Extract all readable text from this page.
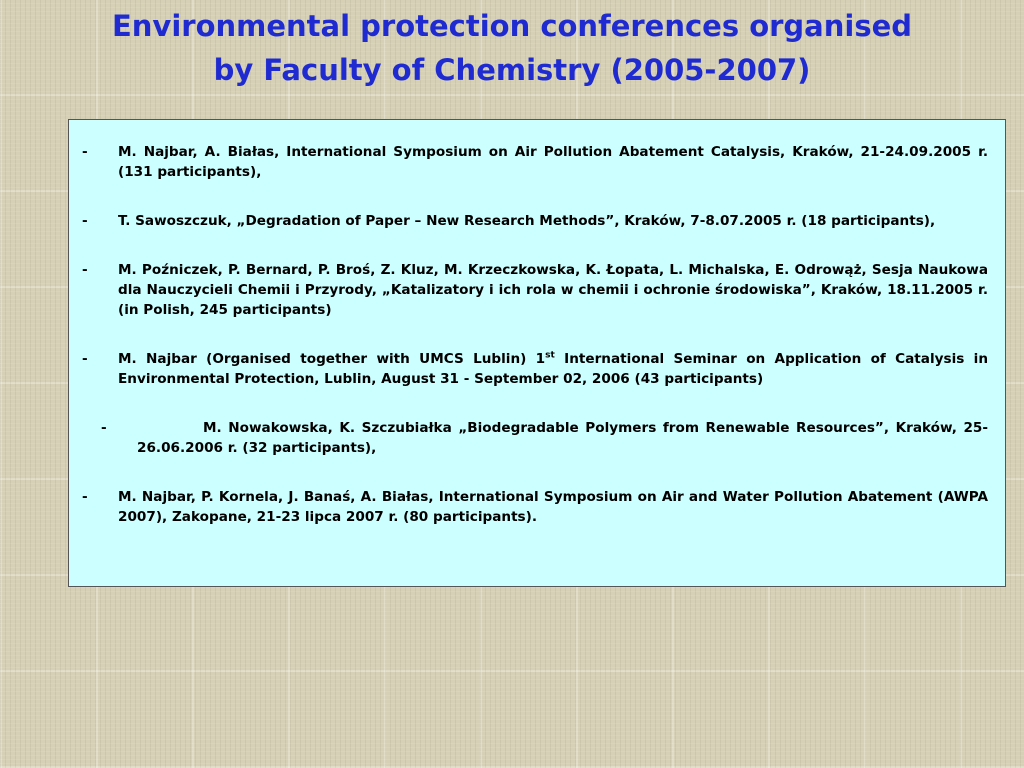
Environmental protection conferences organised
by Faculty of Chemistry (2005-2007)
-	M. Najbar, A. Białas, International Symposium on Air Pollution Abatement Catalysis, Kraków, 21-24.09.2005 r. (131 participants),
-	T. Sawoszczuk, „Degradation of Paper – New Research Methods”, Kraków, 7-8.07.2005 r. (18 participants),
-	M. Poźniczek, P. Bernard, P. Broś, Z. Kluz, M. Krzeczkowska, K. Łopata, L. Michalska, E. Odrowąż, Sesja Naukowa dla Nauczycieli Chemii i Przyrody, „Katalizatory i ich rola w chemii i ochronie środowiska”, Kraków, 18.11.2005 r. (in Polish, 245 participants)
-	M. Najbar (Organised together with UMCS Lublin) 1st International Seminar on Application of Catalysis in Environmental Protection, Lublin, August 31 - September 02, 2006 (43 participants)
-	M. Nowakowska, K. Szczubiałka „Biodegradable Polymers from Renewable Resources”, Kraków, 25-26.06.2006 r. (32 participants),
-	M. Najbar, P. Kornela, J. Banaś, A. Białas, International Symposium on Air and Water Pollution Abatement (AWPA 2007), Zakopane, 21-23 lipca 2007 r. (80 participants).
